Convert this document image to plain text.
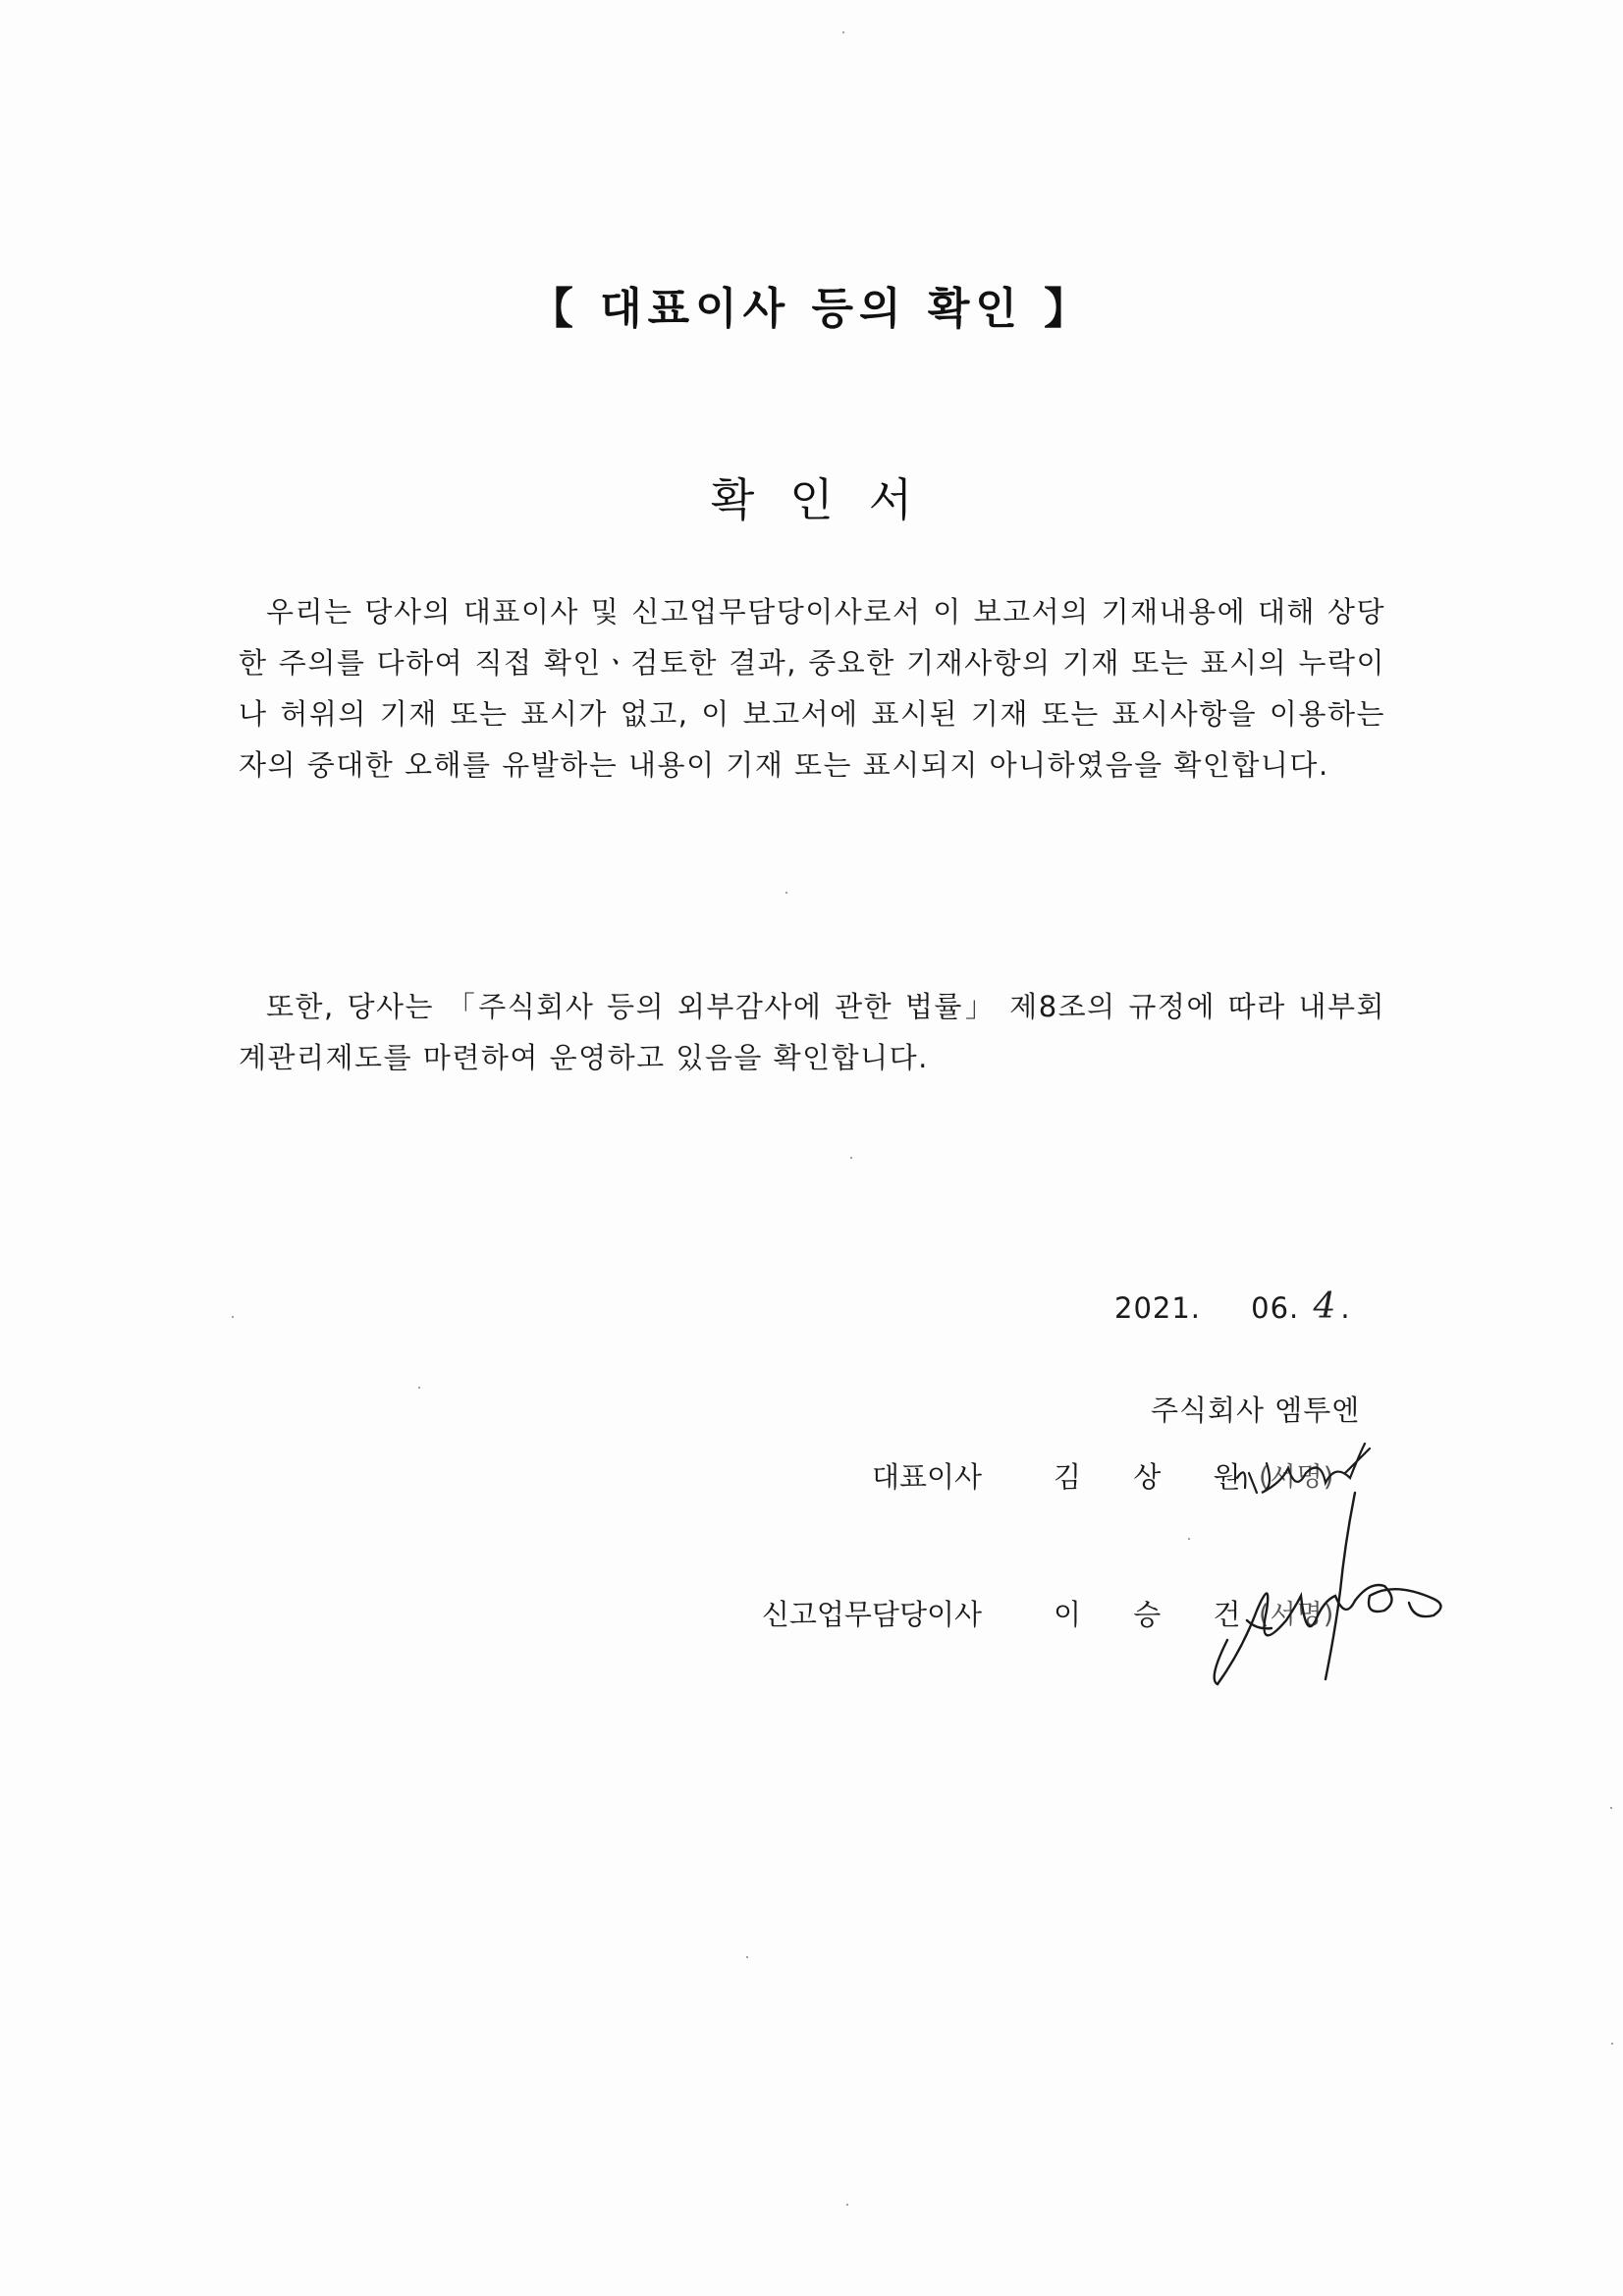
【 대표이사 등의 확인 】
확인서
우리는 당사의 대표이사 및 신고업무담당이사로서 이 보고서의 기재내용에 대해 상당한 주의를 다하여 직접 확인ㆍ검토한 결과, 중요한 기재사항의 기재 또는 표시의 누락이나 허위의 기재 또는 표시가 없고, 이 보고서에 표시된 기재 또는 표시사항을 이용하는 자의 중대한 오해를 유발하는 내용이 기재 또는 표시되지 아니하였음을 확인합니다.
또한, 당사는 「주식회사 등의 외부감사에 관한 법률」 제8조의 규정에 따라 내부회계관리제도를 마련하여 운영하고 있음을 확인합니다.
2021. 06. 4 .
주식회사 엠투엔
대표이사	김 상 원
(서명)
신고업무담당이사	이 승 건
(서명)
